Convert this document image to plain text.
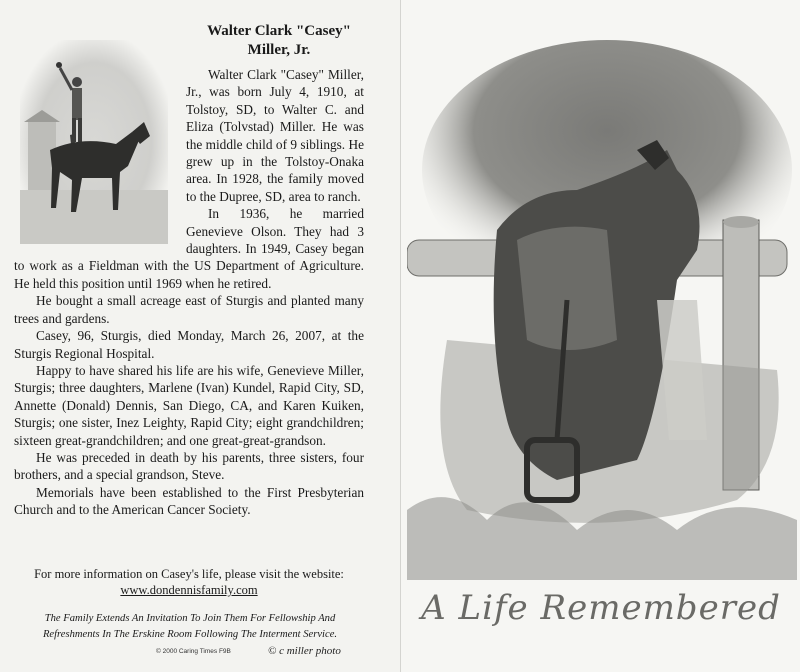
Walter Clark "Casey"
Miller, Jr.

Walter Clark "Casey" Miller, Jr., was born July 4, 1910, at Tolstoy, SD, to Walter C. and Eliza (Tolvstad) Miller. He was the middle child of 9 siblings. He grew up in the Tolstoy-Onaka area. In 1928, the family moved to the Dupree, SD, area to ranch.

In 1936, he married Genevieve Olson. They had 3 daughters. In 1949, Casey began to work as a Fieldman with the US Department of Agriculture. He held this position until 1969 when he retired.

He bought a small acreage east of Sturgis and planted many trees and gardens.

Casey, 96, Sturgis, died Monday, March 26, 2007, at the Sturgis Regional Hospital.

Happy to have shared his life are his wife, Genevieve Miller, Sturgis; three daughters, Marlene (Ivan) Kundel, Rapid City, SD, Annette (Donald) Dennis, San Diego, CA, and Karen Kuiken, Sturgis; one sister, Inez Leighty, Rapid City; eight grandchildren; sixteen great-grandchildren; and one great-great-grandson.

He was preceded in death by his parents, three sisters, four brothers, and a special grandson, Steve.

Memorials have been established to the First Presbyterian Church and to the American Cancer Society.

For more information on Casey's life, please visit the website:
www.dondennisfamily.com
The Family Extends An Invitation To Join Them For Fellowship And
Refreshments In The Erskine Room Following The Interment Service.
© 2000 Caring Times F9B	© c miller photo
A Life Remembered
